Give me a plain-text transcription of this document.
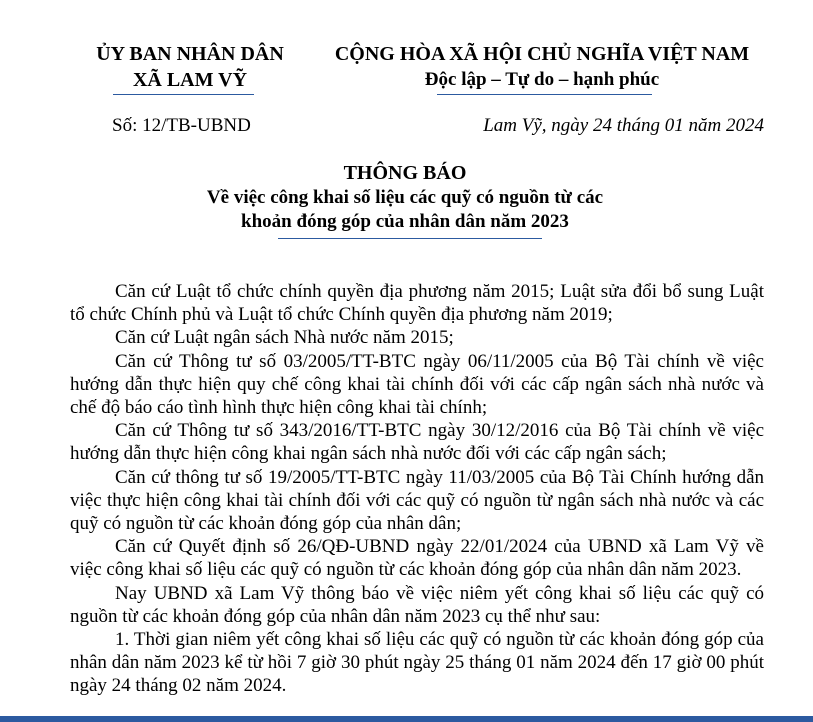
ỦY BAN NHÂN DÂN
XÃ LAM VỸ
CỘNG HÒA XÃ HỘI CHỦ NGHĨA VIỆT NAM
Độc lập – Tự do – hạnh phúc
Số: 12/TB-UBND	Lam Vỹ, ngày 24 tháng 01 năm 2024
THÔNG BÁO
Về việc công khai số liệu các quỹ có nguồn từ các
khoản đóng góp của nhân dân năm 2023

Căn cứ Luật tổ chức chính quyền địa phương năm 2015; Luật sửa đổi bổ sung Luật tổ chức Chính phủ và Luật tổ chức Chính quyền địa phương năm 2019;

Căn cứ Luật ngân sách Nhà nước năm 2015;

Căn cứ Thông tư số 03/2005/TT-BTC ngày 06/11/2005 của Bộ Tài chính về việc hướng dẫn thực hiện quy chế công khai tài chính đối với các cấp ngân sách nhà nước và chế độ báo cáo tình hình thực hiện công khai tài chính;

Căn cứ Thông tư số 343/2016/TT-BTC ngày 30/12/2016 của Bộ Tài chính về việc hướng dẫn thực hiện công khai ngân sách nhà nước đối với các cấp ngân sách;

Căn cứ thông tư số 19/2005/TT-BTC ngày 11/03/2005 của Bộ Tài Chính hướng dẫn việc thực hiện công khai tài chính đối với các quỹ có nguồn từ ngân sách nhà nước và các quỹ có nguồn từ các khoản đóng góp của nhân dân;

Căn cứ Quyết định số 26/QĐ-UBND ngày 22/01/2024 của UBND xã Lam Vỹ về việc công khai số liệu các quỹ có nguồn từ các khoản đóng góp của nhân dân năm 2023.

Nay UBND xã Lam Vỹ thông báo về việc niêm yết công khai số liệu các quỹ có nguồn từ các khoản đóng góp của nhân dân năm 2023 cụ thể như sau:

1. Thời gian niêm yết công khai số liệu các quỹ có nguồn từ các khoản đóng góp của nhân dân năm 2023 kể từ hồi 7 giờ 30 phút ngày 25 tháng 01 năm 2024 đến 17 giờ 00 phút ngày 24 tháng 02 năm 2024.
